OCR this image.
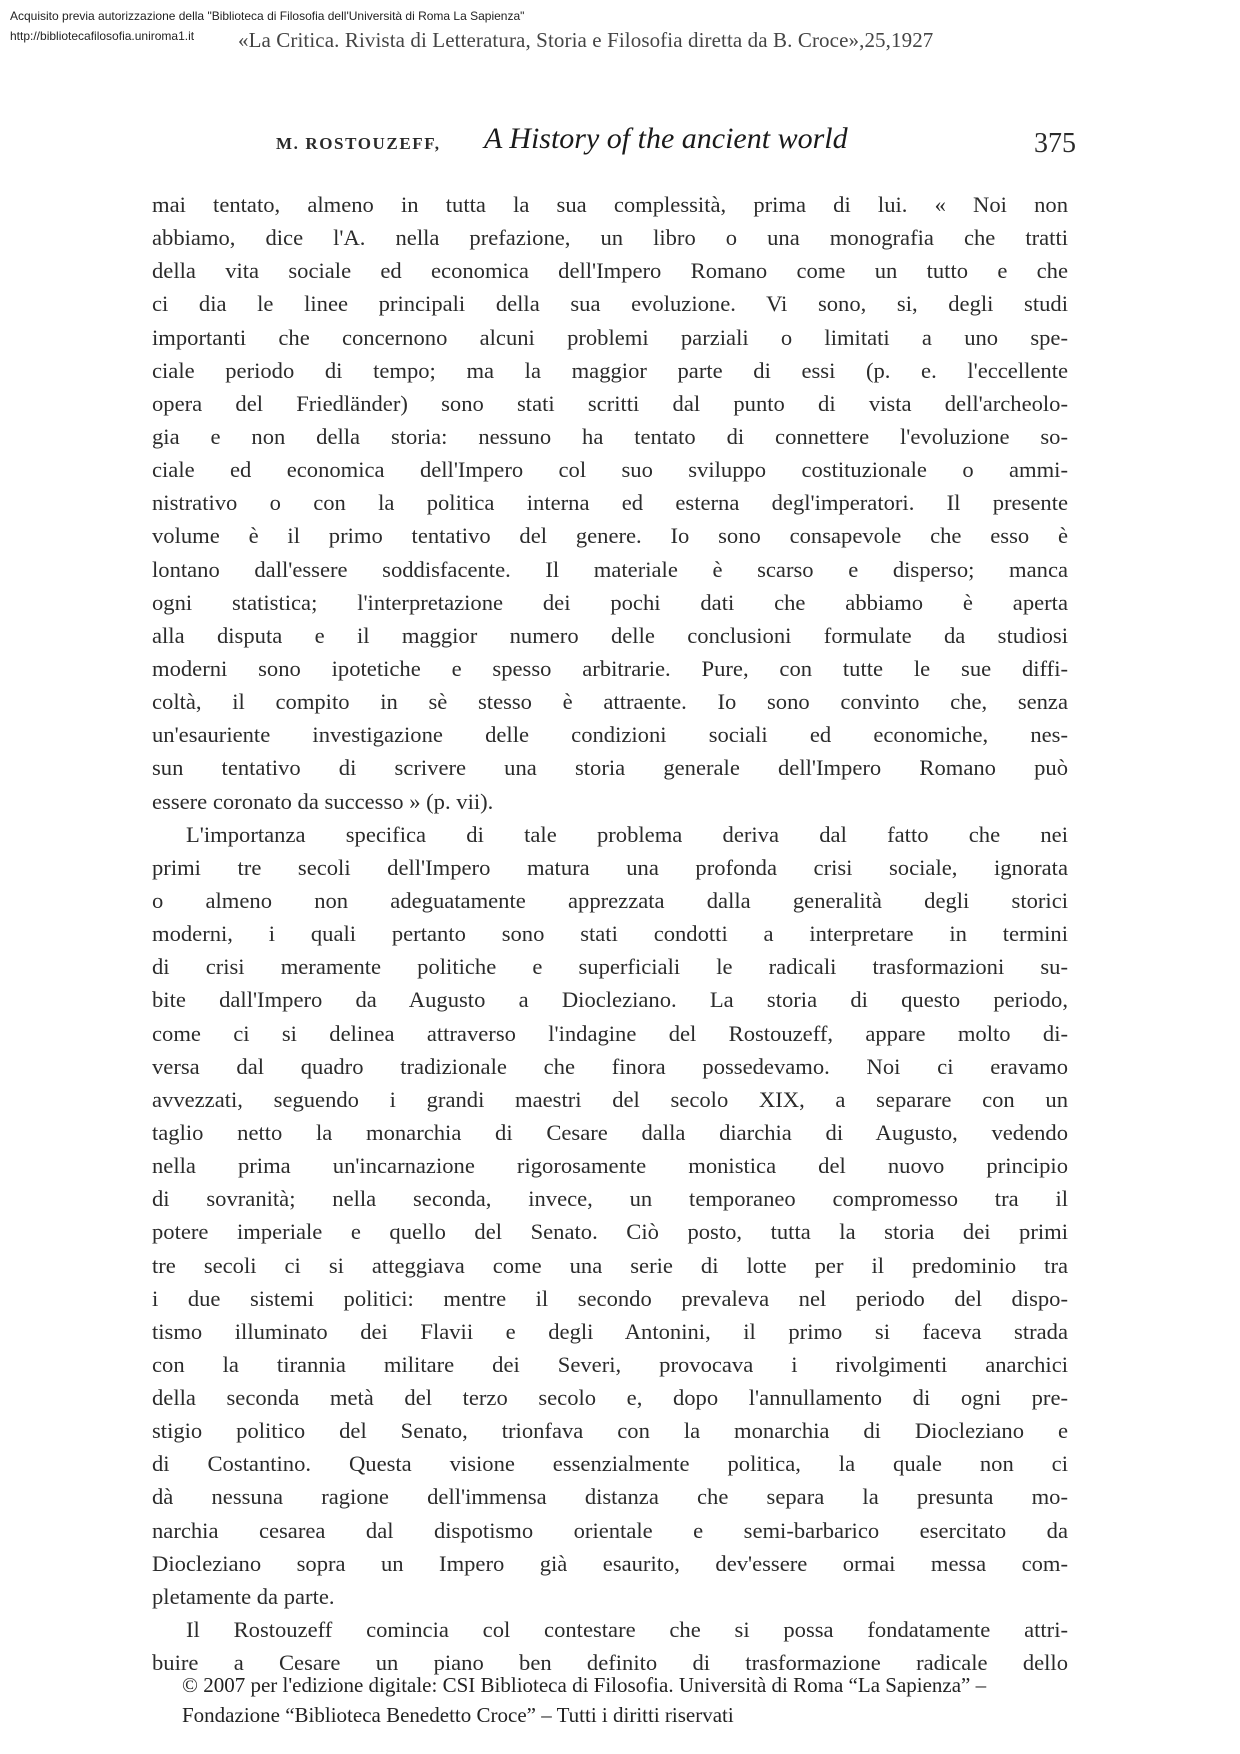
Acquisito previa autorizzazione della "Biblioteca di Filosofia dell'Università di Roma La Sapienza"
http://bibliotecafilosofia.uniroma1.it	«La Critica. Rivista di Letteratura, Storia e Filosofia diretta da B. Croce»,25,1927
M. ROSTOUZEFF, A History of the ancient world	375
mai tentato, almeno in tutta la sua complessità, prima di lui. « Noi non
abbiamo, dice l'A. nella prefazione, un libro o una monografia che tratti
della vita sociale ed economica dell'Impero Romano come un tutto e che
ci dia le linee principali della sua evoluzione. Vi sono, si, degli studi
importanti che concernono alcuni problemi parziali o limitati a uno spe-
ciale periodo di tempo; ma la maggior parte di essi (p. e. l'eccellente
opera del Friedländer) sono stati scritti dal punto di vista dell'archeolo-
gia e non della storia: nessuno ha tentato di connettere l'evoluzione so-
ciale ed economica dell'Impero col suo sviluppo costituzionale o ammi-
nistrativo o con la politica interna ed esterna degl'imperatori. Il presente
volume è il primo tentativo del genere. Io sono consapevole che esso è
lontano dall'essere soddisfacente. Il materiale è scarso e disperso; manca
ogni statistica; l'interpretazione dei pochi dati che abbiamo è aperta
alla disputa e il maggior numero delle conclusioni formulate da studiosi
moderni sono ipotetiche e spesso arbitrarie. Pure, con tutte le sue diffi-
coltà, il compito in sè stesso è attraente. Io sono convinto che, senza
un'esauriente investigazione delle condizioni sociali ed economiche, nes-
sun tentativo di scrivere una storia generale dell'Impero Romano può
essere coronato da successo » (p. vii).
L'importanza specifica di tale problema deriva dal fatto che nei
primi tre secoli dell'Impero matura una profonda crisi sociale, ignorata
o almeno non adeguatamente apprezzata dalla generalità degli storici
moderni, i quali pertanto sono stati condotti a interpretare in termini
di crisi meramente politiche e superficiali le radicali trasformazioni su-
bite dall'Impero da Augusto a Diocleziano. La storia di questo periodo,
come ci si delinea attraverso l'indagine del Rostouzeff, appare molto di-
versa dal quadro tradizionale che finora possedevamo. Noi ci eravamo
avvezzati, seguendo i grandi maestri del secolo XIX, a separare con un
taglio netto la monarchia di Cesare dalla diarchia di Augusto, vedendo
nella prima un'incarnazione rigorosamente monistica del nuovo principio
di sovranità; nella seconda, invece, un temporaneo compromesso tra il
potere imperiale e quello del Senato. Ciò posto, tutta la storia dei primi
tre secoli ci si atteggiava come una serie di lotte per il predominio tra
i due sistemi politici: mentre il secondo prevaleva nel periodo del dispo-
tismo illuminato dei Flavii e degli Antonini, il primo si faceva strada
con la tirannia militare dei Severi, provocava i rivolgimenti anarchici
della seconda metà del terzo secolo e, dopo l'annullamento di ogni pre-
stigio politico del Senato, trionfava con la monarchia di Diocleziano e
di Costantino. Questa visione essenzialmente politica, la quale non ci
dà nessuna ragione dell'immensa distanza che separa la presunta mo-
narchia cesarea dal dispotismo orientale e semi-barbarico esercitato da
Diocleziano sopra un Impero già esaurito, dev'essere ormai messa com-
pletamente da parte.
Il Rostouzeff comincia col contestare che si possa fondatamente attri-
buire a Cesare un piano ben definito di trasformazione radicale dello
© 2007 per l'edizione digitale: CSI Biblioteca di Filosofia. Università di Roma “La Sapienza” –
Fondazione “Biblioteca Benedetto Croce” – Tutti i diritti riservati
